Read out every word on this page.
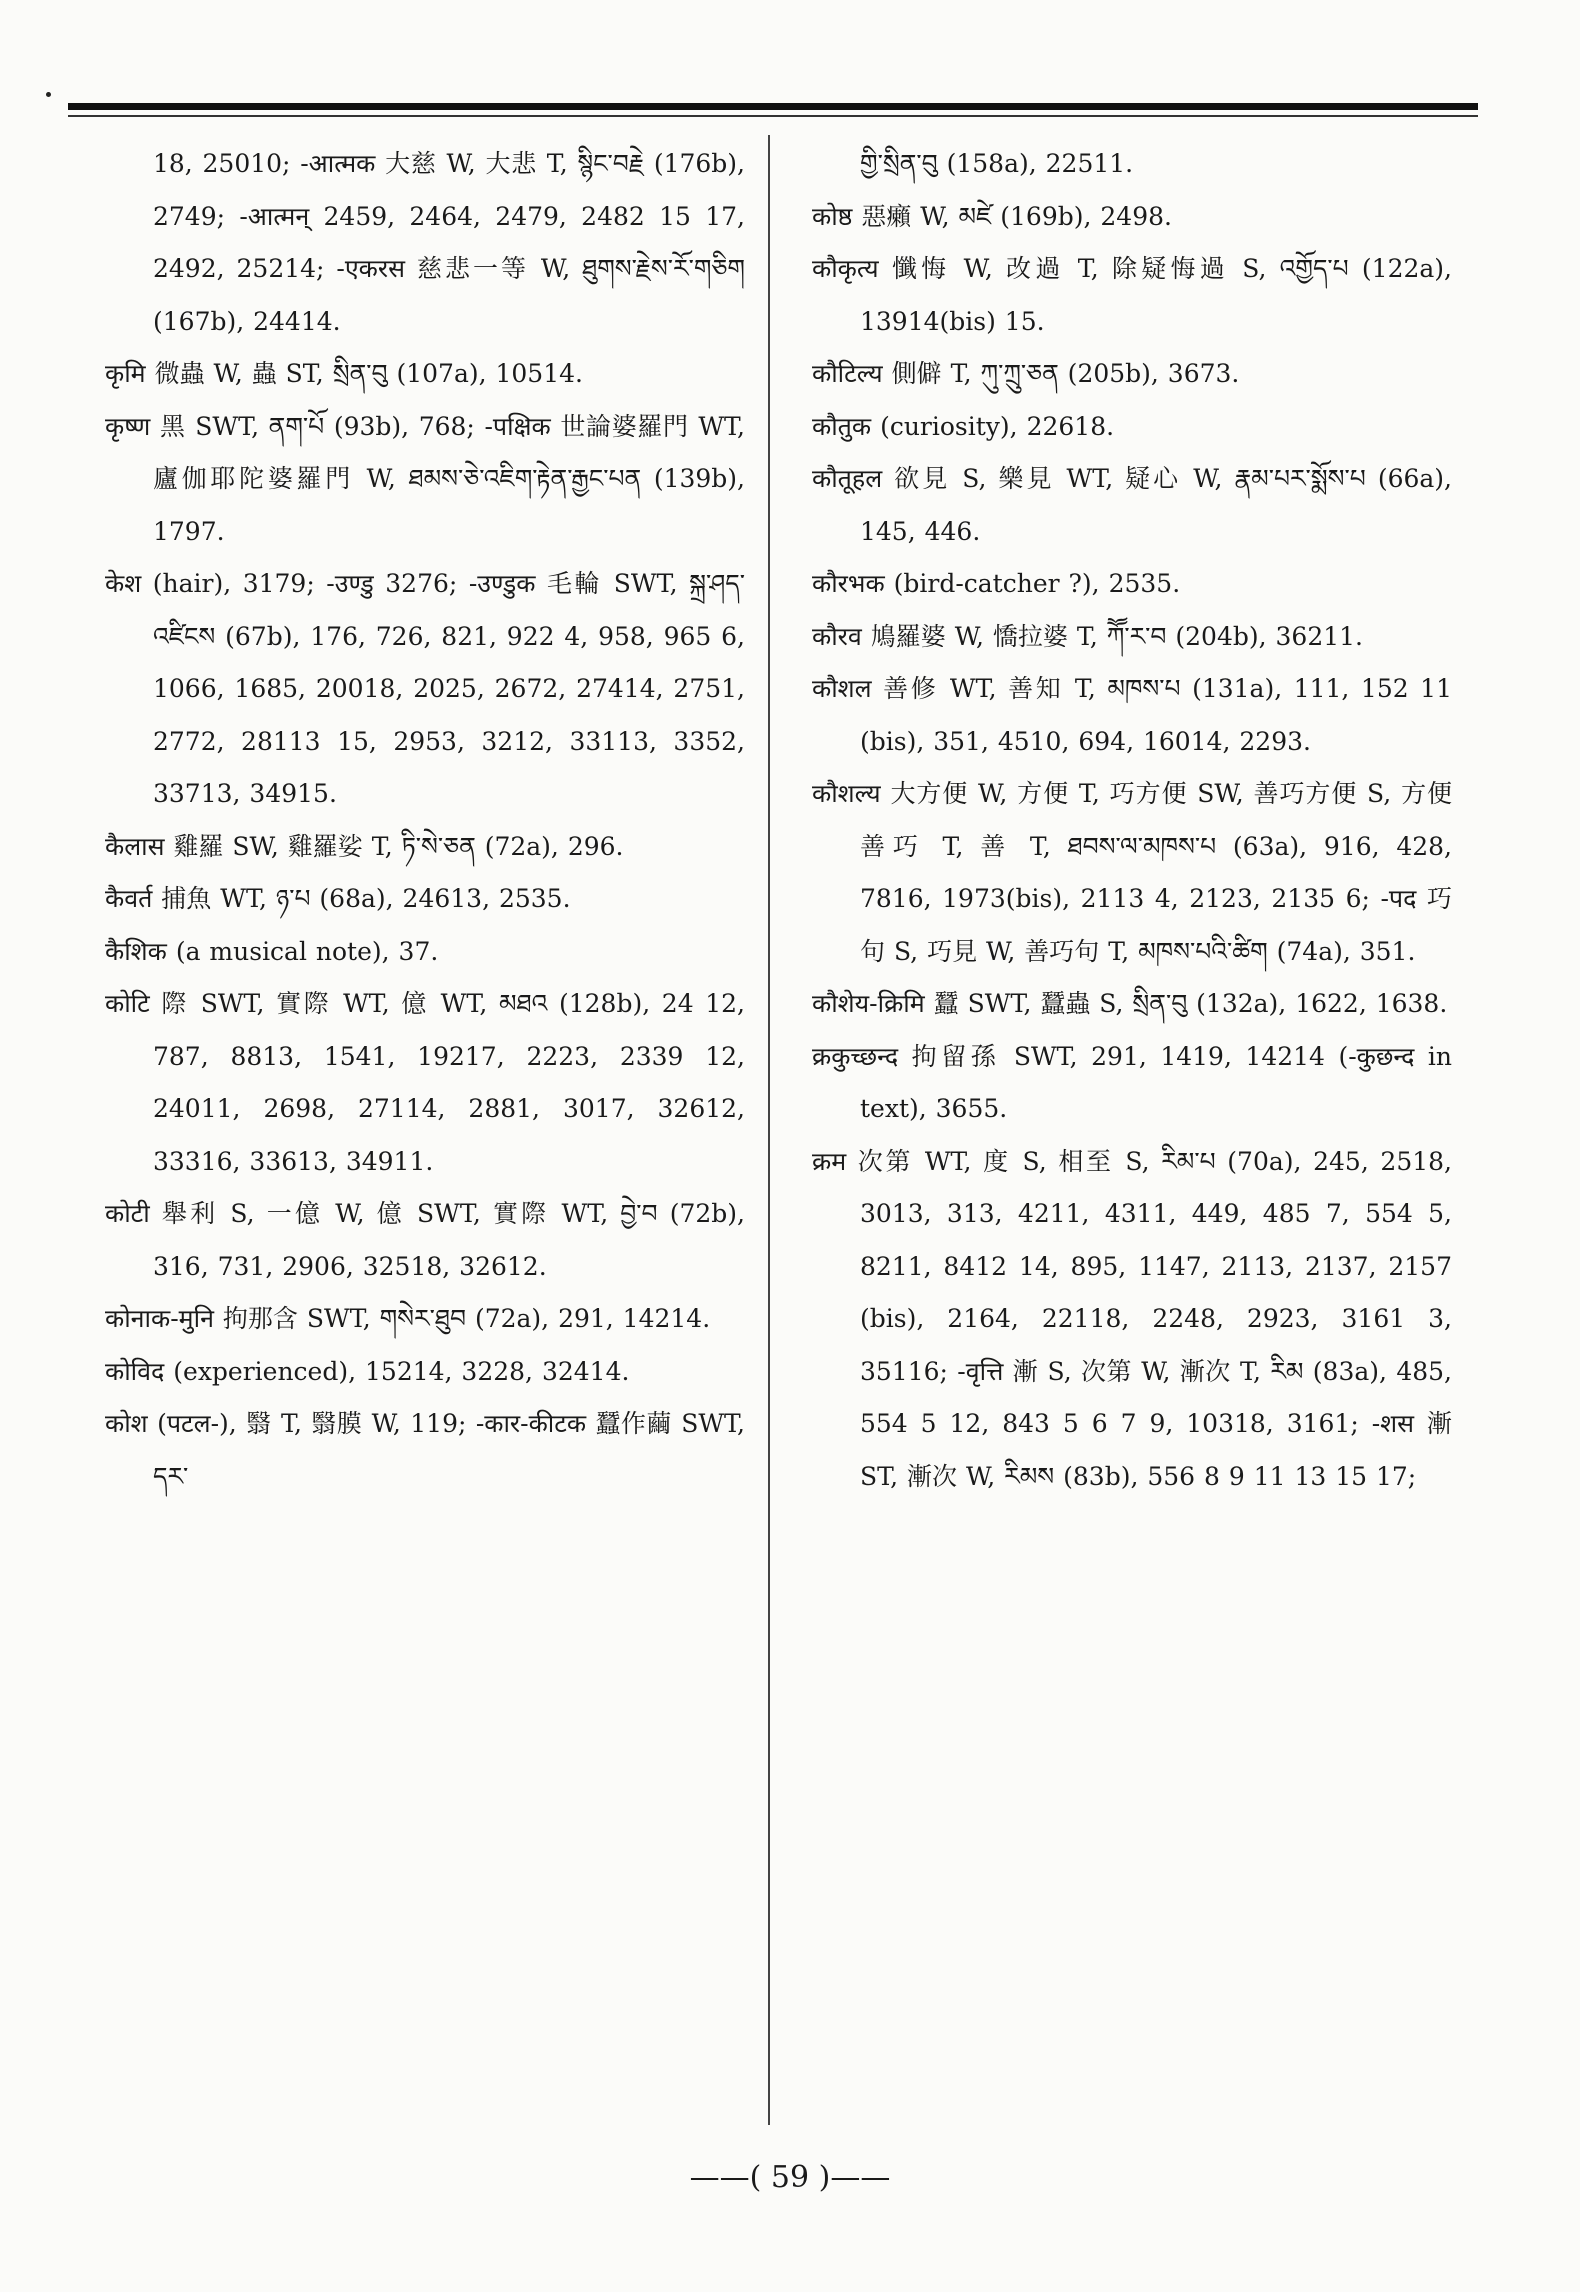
18, 25010; -आत्मक 大慈 W, 大悲 T, སྙིང་བརྗེ (176b), 2749; -आत्मन् 2459, 2464, 2479, 2482 15 17, 2492, 25214; -एकरस 慈悲一等 W, ཐུགས་རྗེས་རོ་གཅིག (167b), 24414.

कृमि 微蟲 W, 蟲 ST, སྲིན་བུ (107a), 10514.

कृष्ण 黑 SWT, ནག་པོ (93b), 768; -पक्षिक 世論婆羅門 WT, 廬伽耶陀婆羅門 W, ཐམས་ཅེ་འཇིག་རྟེན་རྒྱང་པན (139b), 1797.

केश (hair), 3179; -उण्डु 3276; -उण्डुक 毛輪 SWT, སྐྲ་ཤད་འཛིངས (67b), 176, 726, 821, 922 4, 958, 965 6, 1066, 1685, 20018, 2025, 2672, 27414, 2751, 2772, 28113 15, 2953, 3212, 33113, 3352, 33713, 34915.

कैलास 雞羅 SW, 雞羅娑 T, ཏི་སེ་ཅན (72a), 296.

कैवर्त 捕魚 WT, ཉ་པ (68a), 24613, 2535.

कैशिक (a musical note), 37.

कोटि 際 SWT, 實際 WT, 億 WT, མཐའ (128b), 24 12, 787, 8813, 1541, 19217, 2223, 2339 12, 24011, 2698, 27114, 2881, 3017, 32612, 33316, 33613, 34911.

कोटी 舉利 S, 一億 W, 億 SWT, 實際 WT, བྱེ་བ (72b), 316, 731, 2906, 32518, 32612.

कोनाक-मुनि 拘那含 SWT, གསེར་ཐུབ (72a), 291, 14214.

कोविद (experienced), 15214, 3228, 32414.

कोश (पटल-), 翳 T, 翳膜 W, 119; -कार-कीटक 蠶作繭 SWT, དར་

གྱི་སྲིན་བུ (158a), 22511.

कोष्ठ 惡癩 W, མཛེ (169b), 2498.

कौकृत्य 懺悔 W, 改過 T, 除疑悔過 S, འགྱོད་པ (122a), 13914(bis) 15.

कौटिल्य 側僻 T, ཀུ་ཀྲུ་ཅན (205b), 3673.

कौतुक (curiosity), 22618.

कौतूहल 欲見 S, 樂見 WT, 疑心 W, རྣམ་པར་སྨོས་པ (66a), 145, 446.

कौरभक (bird-catcher ?), 2535.

कौरव 鳩羅婆 W, 憍拉婆 T, ཀཽ་ར་བ (204b), 36211.

कौशल 善修 WT, 善知 T, མཁས་པ (131a), 111, 152 11 (bis), 351, 4510, 694, 16014, 2293.

कौशल्य 大方便 W, 方便 T, 巧方便 SW, 善巧方便 S, 方便善巧 T, 善 T, ཐབས་ལ་མཁས་པ (63a), 916, 428, 7816, 1973(bis), 2113 4, 2123, 2135 6; -पद 巧句 S, 巧見 W, 善巧句 T, མཁས་པའི་ཚིག (74a), 351.

कौशेय-क्रिमि 蠶 SWT, 蠶蟲 S, སྲིན་བུ (132a), 1622, 1638.

क्रकुच्छन्द 拘留孫 SWT, 291, 1419, 14214 (-कुछन्द in text), 3655.

क्रम 次第 WT, 度 S, 相至 S, རིམ་པ (70a), 245, 2518, 3013, 313, 4211, 4311, 449, 485 7, 554 5, 8211, 8412 14, 895, 1147, 2113, 2137, 2157 (bis), 2164, 22118, 2248, 2923, 3161 3, 35116; -वृत्ति 漸 S, 次第 W, 漸次 T, རིམ (83a), 485, 554 5 12, 843 5 6 7 9, 10318, 3161; -शस 漸 ST, 漸次 W, རིམས (83b), 556 8 9 11 13 15 17;

——( 59 )——
